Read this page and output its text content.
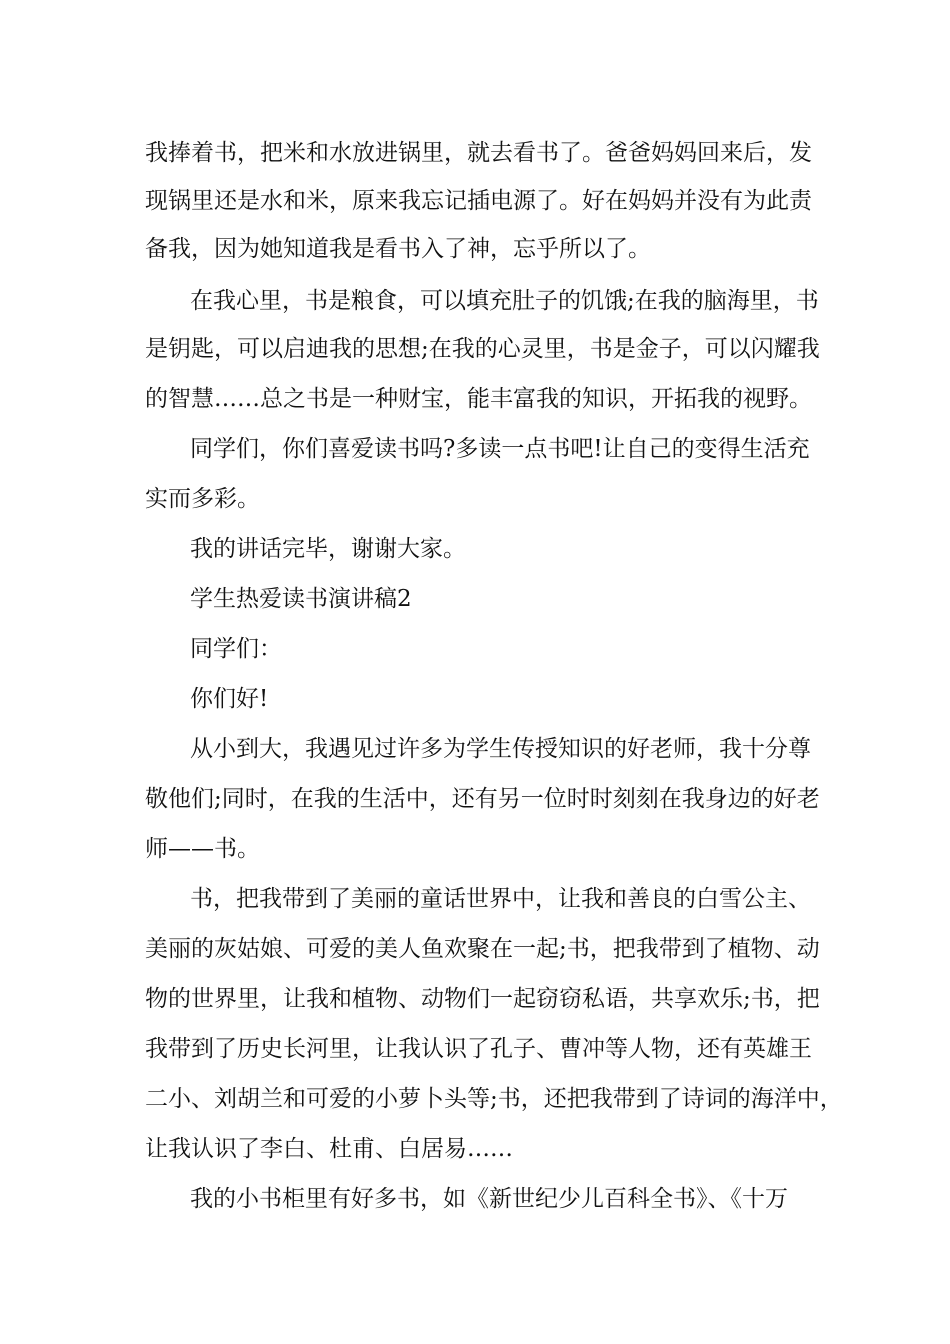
我捧着书，把米和水放进锅里，就去看书了。爸爸妈妈回来后，发
现锅里还是水和米，原来我忘记插电源了。好在妈妈并没有为此责
备我，因为她知道我是看书入了神，忘乎所以了。
在我心里，书是粮食，可以填充肚子的饥饿;在我的脑海里，书
是钥匙，可以启迪我的思想;在我的心灵里，书是金子，可以闪耀我
的智慧……总之书是一种财宝，能丰富我的知识，开拓我的视野。
同学们，你们喜爱读书吗?多读一点书吧!让自己的变得生活充
实而多彩。
我的讲话完毕，谢谢大家。
学生热爱读书演讲稿2
同学们：
你们好!
从小到大，我遇见过许多为学生传授知识的好老师，我十分尊
敬他们;同时，在我的生活中，还有另一位时时刻刻在我身边的好老
师——书。
书，把我带到了美丽的童话世界中，让我和善良的白雪公主、
美丽的灰姑娘、可爱的美人鱼欢聚在一起;书，把我带到了植物、动
物的世界里，让我和植物、动物们一起窃窃私语，共享欢乐;书，把
我带到了历史长河里，让我认识了孔子、曹冲等人物，还有英雄王
二小、刘胡兰和可爱的小萝卜头等;书，还把我带到了诗词的海洋中，
让我认识了李白、杜甫、白居易……
我的小书柜里有好多书，如《新世纪少儿百科全书》、《十万
